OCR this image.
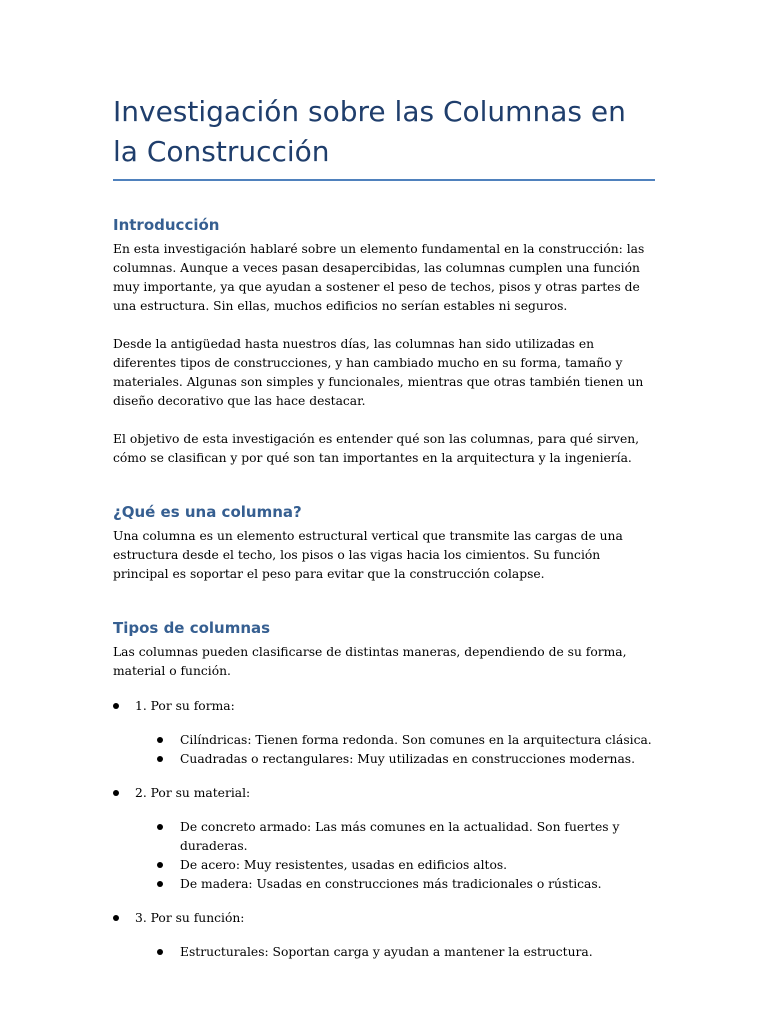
Investigación sobre las Columnas en la Construcción
Introducción

En esta investigación hablaré sobre un elemento fundamental en la construcción: las columnas. Aunque a veces pasan desapercibidas, las columnas cumplen una función muy importante, ya que ayudan a sostener el peso de techos, pisos y otras partes de una estructura. Sin ellas, muchos edificios no serían estables ni seguros.

Desde la antigüedad hasta nuestros días, las columnas han sido utilizadas en diferentes tipos de construcciones, y han cambiado mucho en su forma, tamaño y materiales. Algunas son simples y funcionales, mientras que otras también tienen un diseño decorativo que las hace destacar.

El objetivo de esta investigación es entender qué son las columnas, para qué sirven, cómo se clasifican y por qué son tan importantes en la arquitectura y la ingeniería.

¿Qué es una columna?

Una columna es un elemento estructural vertical que transmite las cargas de una estructura desde el techo, los pisos o las vigas hacia los cimientos. Su función principal es soportar el peso para evitar que la construcción colapse.

Tipos de columnas

Las columnas pueden clasificarse de distintas maneras, dependiendo de su forma, material o función.

1. Por su forma:
Cilíndricas: Tienen forma redonda. Son comunes en la arquitectura clásica.
Cuadradas o rectangulares: Muy utilizadas en construcciones modernas.
2. Por su material:
De concreto armado: Las más comunes en la actualidad. Son fuertes y duraderas.
De acero: Muy resistentes, usadas en edificios altos.
De madera: Usadas en construcciones más tradicionales o rústicas.
3. Por su función:
Estructurales: Soportan carga y ayudan a mantener la estructura.
